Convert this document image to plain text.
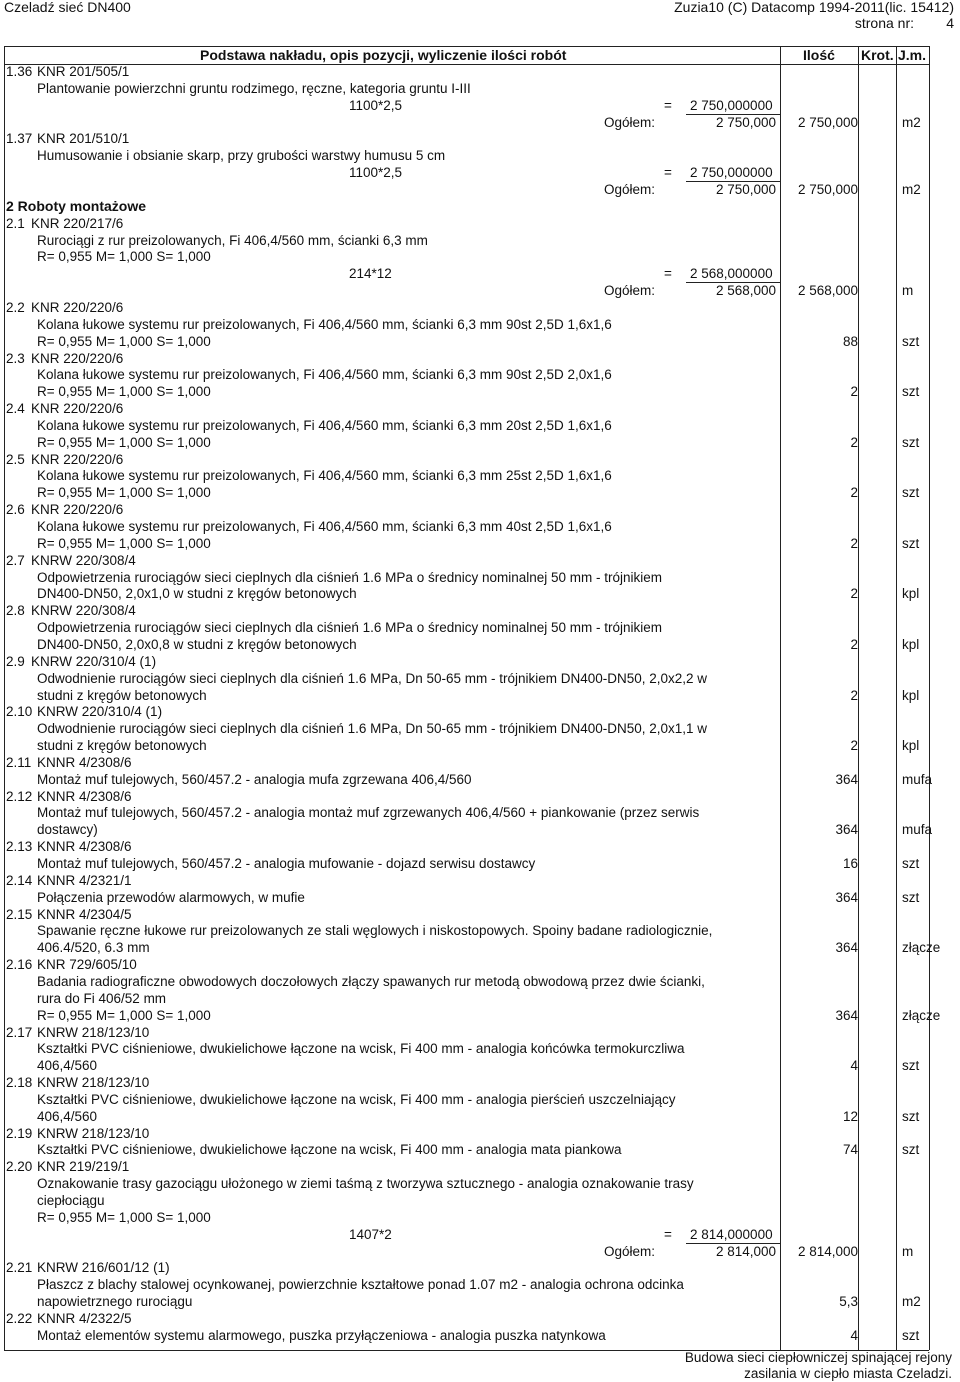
Czeladź sieć DN400	Zuzia10 (C) Datacomp 1994-2011(lic. 15412)
strona nr: 4
Podstawa nakładu, opis pozycji, wyliczenie ilości robót	Ilość Krot. J.m.
1.36 KNR 201/505/1
Plantowanie powierzchni gruntu rodzimego, ręczne, kategoria gruntu I-III
1100*2,5	= 2 750,000000
Ogółem:	2 750,000 2 750,000	m2
1.37 KNR 201/510/1
Humusowanie i obsianie skarp, przy grubości warstwy humusu 5 cm
1100*2,5	= 2 750,000000
Ogółem:	2 750,000 2 750,000	m2
2 Roboty montażowe
2.1 KNR 220/217/6
Rurociągi z rur preizolowanych, Fi 406,4/560 mm, ścianki 6,3 mm
R= 0,955 M= 1,000 S= 1,000
214*12	= 2 568,000000
Ogółem:	2 568,000 2 568,000	m
2.2 KNR 220/220/6
Kolana łukowe systemu rur preizolowanych, Fi 406,4/560 mm, ścianki 6,3 mm 90st 2,5D 1,6x1,6
R= 0,955 M= 1,000 S= 1,000	88	szt
2.3 KNR 220/220/6
Kolana łukowe systemu rur preizolowanych, Fi 406,4/560 mm, ścianki 6,3 mm 90st 2,5D 2,0x1,6
R= 0,955 M= 1,000 S= 1,000	2	szt
2.4 KNR 220/220/6
Kolana łukowe systemu rur preizolowanych, Fi 406,4/560 mm, ścianki 6,3 mm 20st 2,5D 1,6x1,6
R= 0,955 M= 1,000 S= 1,000	2	szt
2.5 KNR 220/220/6
Kolana łukowe systemu rur preizolowanych, Fi 406,4/560 mm, ścianki 6,3 mm 25st 2,5D 1,6x1,6
R= 0,955 M= 1,000 S= 1,000	2	szt
2.6 KNR 220/220/6
Kolana łukowe systemu rur preizolowanych, Fi 406,4/560 mm, ścianki 6,3 mm 40st 2,5D 1,6x1,6
R= 0,955 M= 1,000 S= 1,000	2	szt
2.7 KNRW 220/308/4
Odpowietrzenia rurociągów sieci cieplnych dla ciśnień 1.6 MPa o średnicy nominalnej 50 mm - trójnikiem
DN400-DN50, 2,0x1,0 w studni z kręgów betonowych	2	kpl
2.8 KNRW 220/308/4
Odpowietrzenia rurociągów sieci cieplnych dla ciśnień 1.6 MPa o średnicy nominalnej 50 mm - trójnikiem
DN400-DN50, 2,0x0,8 w studni z kręgów betonowych	2	kpl
2.9 KNRW 220/310/4 (1)
Odwodnienie rurociągów sieci cieplnych dla ciśnień 1.6 MPa, Dn 50-65 mm - trójnikiem DN400-DN50, 2,0x2,2 w
studni z kręgów betonowych	2	kpl
2.10 KNRW 220/310/4 (1)
Odwodnienie rurociągów sieci cieplnych dla ciśnień 1.6 MPa, Dn 50-65 mm - trójnikiem DN400-DN50, 2,0x1,1 w
studni z kręgów betonowych	2	kpl
2.11 KNNR 4/2308/6
Montaż muf tulejowych, 560/457.2 - analogia mufa zgrzewana 406,4/560	364	mufa
2.12 KNNR 4/2308/6
Montaż muf tulejowych, 560/457.2 - analogia montaż muf zgrzewanych 406,4/560 + piankowanie (przez serwis
dostawcy)	364	mufa
2.13 KNNR 4/2308/6
Montaż muf tulejowych, 560/457.2 - analogia mufowanie - dojazd serwisu dostawcy	16	szt
2.14 KNNR 4/2321/1
Połączenia przewodów alarmowych, w mufie	364	szt
2.15 KNNR 4/2304/5
Spawanie ręczne łukowe rur preizolowanych ze stali węglowych i niskostopowych. Spoiny badane radiologicznie,
406.4/520, 6.3 mm	364	złącze
2.16 KNR 729/605/10
Badania radiograficzne obwodowych doczołowych złączy spawanych rur metodą obwodową przez dwie ścianki,
rura do Fi 406/52 mm
R= 0,955 M= 1,000 S= 1,000	364	złącze
2.17 KNRW 218/123/10
Kształtki PVC ciśnieniowe, dwukielichowe łączone na wcisk, Fi 400 mm - analogia końcówka termokurczliwa
406,4/560	4	szt
2.18 KNRW 218/123/10
Kształtki PVC ciśnieniowe, dwukielichowe łączone na wcisk, Fi 400 mm - analogia pierścień uszczelniający
406,4/560	12	szt
2.19 KNRW 218/123/10
Kształtki PVC ciśnieniowe, dwukielichowe łączone na wcisk, Fi 400 mm - analogia mata piankowa	74	szt
2.20 KNR 219/219/1
Oznakowanie trasy gazociągu ułożonego w ziemi taśmą z tworzywa sztucznego - analogia oznakowanie trasy
ciepłociągu
R= 0,955 M= 1,000 S= 1,000
1407*2	= 2 814,000000
Ogółem:	2 814,000 2 814,000	m
2.21 KNRW 216/601/12 (1)
Płaszcz z blachy stalowej ocynkowanej, powierzchnie kształtowe ponad 1.07 m2 - analogia ochrona odcinka
napowietrznego rurociągu	5,3	m2
2.22 KNNR 4/2322/5
Montaż elementów systemu alarmowego, puszka przyłączeniowa - analogia puszka natynkowa	4	szt
Budowa sieci ciepłowniczej spinającej rejony
zasilania w ciepło miasta Czeladzi.
